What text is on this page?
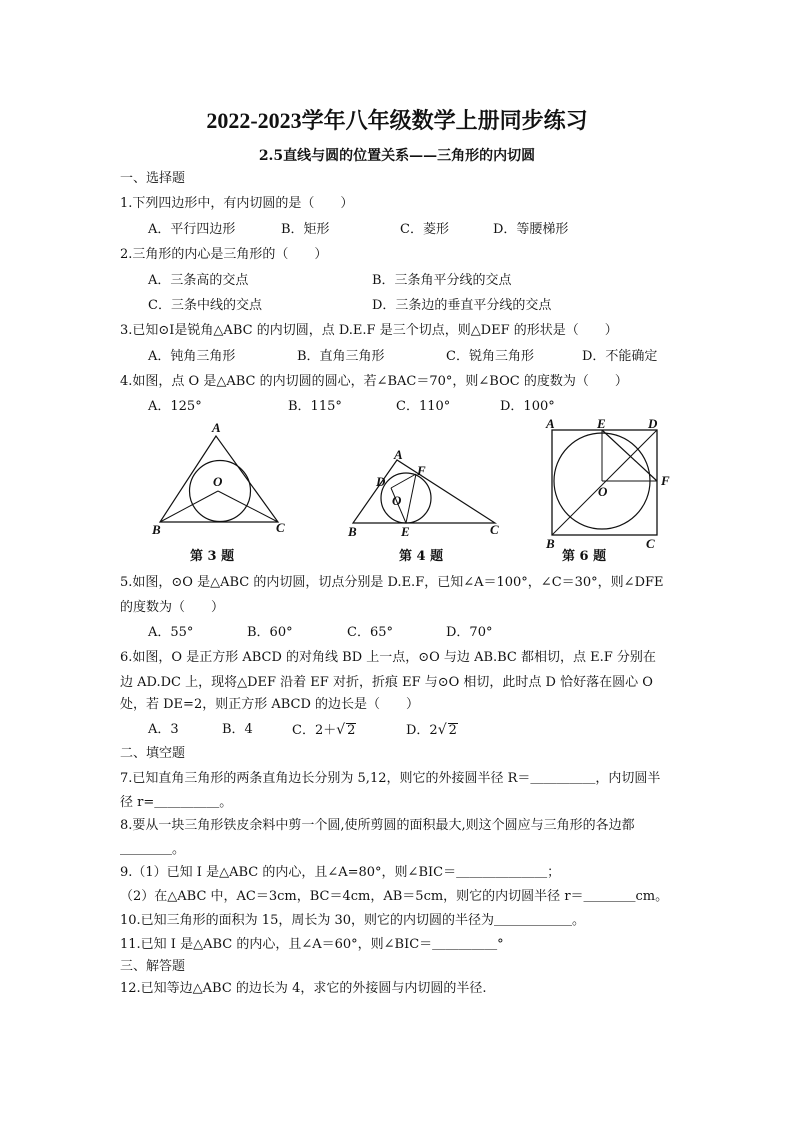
2022-2023学年八年级数学上册同步练习
2.5直线与圆的位置关系——三角形的内切圆
一、选择题
1.下列四边形中，有内切圆的是（　　）
A．平行四边形	B．矩形	C．菱形	D．等腰梯形
2.三角形的内心是三角形的（　　）
A．三条高的交点	B．三条角平分线的交点
C．三条中线的交点	D．三条边的垂直平分线的交点
3.已知⊙I是锐角△ABC 的内切圆，点 D.E.F 是三个切点，则△DEF 的形状是（　　）
A．钝角三角形	B．直角三角形	C．锐角三角形	D．不能确定
4.如图，点 O 是△ABC 的内切圆的圆心，若∠BAC＝70°，则∠BOC 的度数为（　　）
A．125°	B．115°	C．110°	D．100°
A
B	C
O
A
F
D
O
B	E	C
A	E	D
F
O
B	C
第 3 题	第 4 题	第 6 题
5.如图，⊙O 是△ABC 的内切圆，切点分别是 D.E.F，已知∠A＝100°，∠C＝30°，则∠DFE
的度数为（　　）
A．55°	B．60°	C．65°	D．70°
6.如图，O 是正方形 ABCD 的对角线 BD 上一点，⊙O 与边 AB.BC 都相切，点 E.F 分别在
边 AD.DC 上，现将△DEF 沿着 EF 对折，折痕 EF 与⊙O 相切，此时点 D 恰好落在圆心 O
处，若 DE=2，则正方形 ABCD 的边长是（　　）
A．3	B．4	C．2＋√ 2	D．2√ 2
二、填空题
7.已知直角三角形的两条直角边长分别为 5,12，则它的外接圆半径 R＝＿＿＿＿＿，内切圆半
径 r=＿＿＿＿＿。
8.要从一块三角形铁皮余料中剪一个圆,使所剪圆的面积最大,则这个圆应与三角形的各边都
＿＿＿＿。
9.（1）已知 I 是△ABC 的内心，且∠A=80°，则∠BIC＝＿＿＿＿＿＿＿；
（2）在△ABC 中，AC＝3cm，BC＝4cm，AB＝5cm，则它的内切圆半径 r＝＿＿＿＿cm。
10.已知三角形的面积为 15，周长为 30，则它的内切圆的半径为＿＿＿＿＿＿。
11.已知 I 是△ABC 的内心，且∠A＝60°，则∠BIC＝＿＿＿＿＿°
三、解答题
12.已知等边△ABC 的边长为 4，求它的外接圆与内切圆的半径.
